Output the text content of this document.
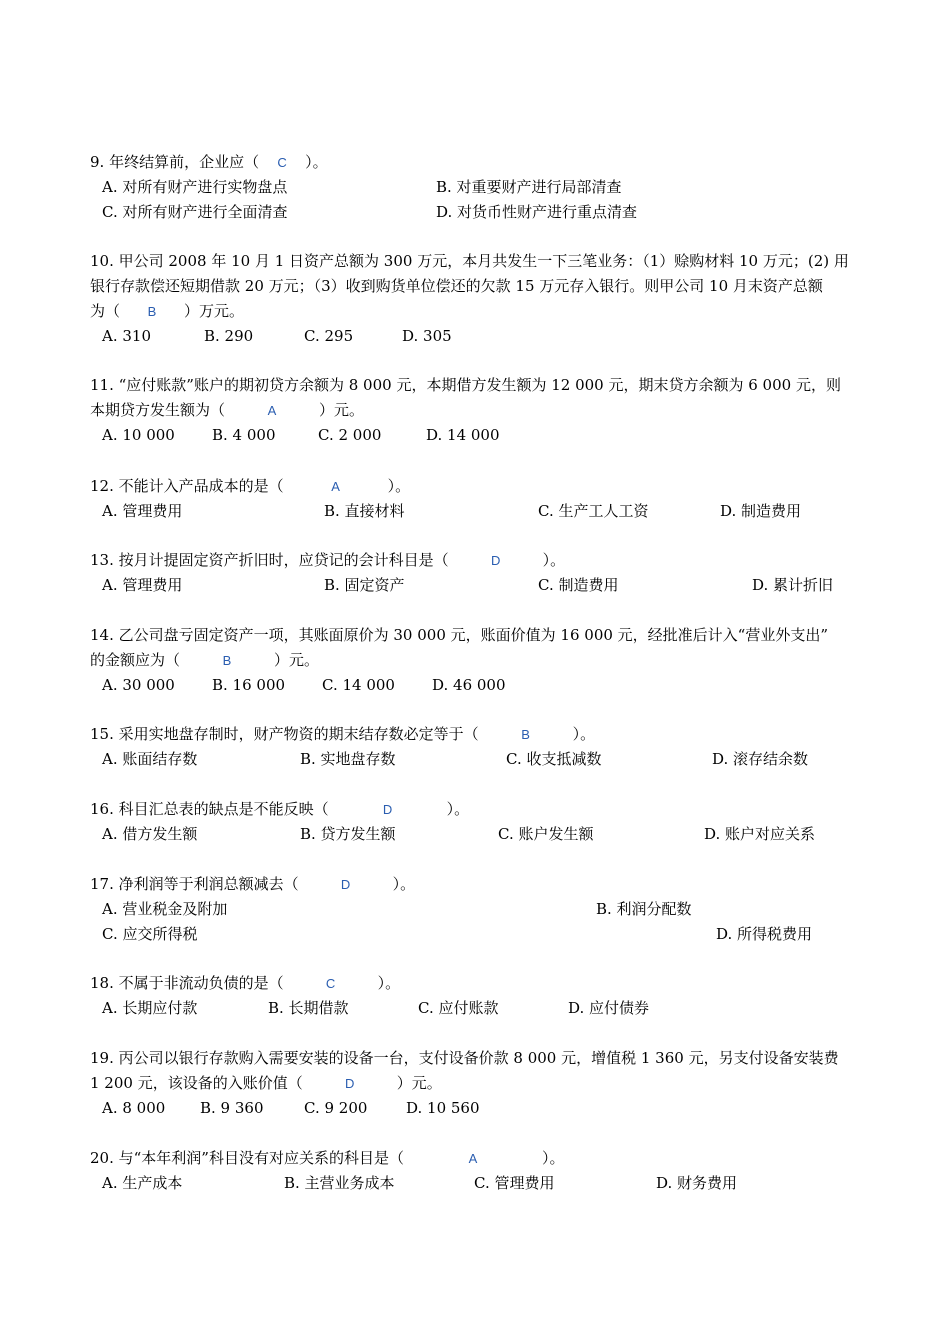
9. 年终结算前，企业应（ C ）。
A. 对所有财产进行实物盘点	B. 对重要财产进行局部清查
C. 对所有财产进行全面清查	D. 对货币性财产进行重点清查
10. 甲公司 2008 年 10 月 1 日资产总额为 300 万元，本月共发生一下三笔业务：（1）赊购材料 10 万元；(2) 用
银行存款偿还短期借款 20 万元；（3）收到购货单位偿还的欠款 15 万元存入银行。则甲公司 10 月末资产总额
为（ B ）万元。
A. 310	B. 290	C. 295	D. 305
11. “应付账款”账户的期初贷方余额为 8 000 元，本期借方发生额为 12 000 元，期末贷方余额为 6 000 元，则
本期贷方发生额为（	A	）元。
A. 10 000 B. 4 000	C. 2 000	D. 14 000
12. 不能计入产品成本的是（	A	）。
A. 管理费用	B. 直接材料	C. 生产工人工资	D. 制造费用
13. 按月计提固定资产折旧时，应贷记的会计科目是（	D	）。
A. 管理费用	B. 固定资产	C. 制造费用	D. 累计折旧
14. 乙公司盘亏固定资产一项，其账面原价为 30 000 元，账面价值为 16 000 元，经批准后计入“营业外支出”
的金额应为（	B	）元。
A. 30 000 B. 16 000 C. 14 000 D. 46 000
15. 采用实地盘存制时，财产物资的期末结存数必定等于（	B	）。
A. 账面结存数	B. 实地盘存数	C. 收支抵减数	D. 滚存结余数
16. 科目汇总表的缺点是不能反映（	D	）。
A. 借方发生额	B. 贷方发生额	C. 账户发生额	D. 账户对应关系
17. 净利润等于利润总额减去（	D	）。
A. 营业税金及附加	B. 利润分配数
C. 应交所得税	D. 所得税费用
18. 不属于非流动负债的是（	C	）。
A. 长期应付款	B. 长期借款	C. 应付账款	D. 应付债券
19. 丙公司以银行存款购入需要安装的设备一台，支付设备价款 8 000 元，增值税 1 360 元，另支付设备安装费
1 200 元，该设备的入账价值（	D	）元。
A. 8 000 B. 9 360	C. 9 200	D. 10 560
20. 与“本年利润”科目没有对应关系的科目是（	A	）。
A. 生产成本	B. 主营业务成本	C. 管理费用	D. 财务费用
